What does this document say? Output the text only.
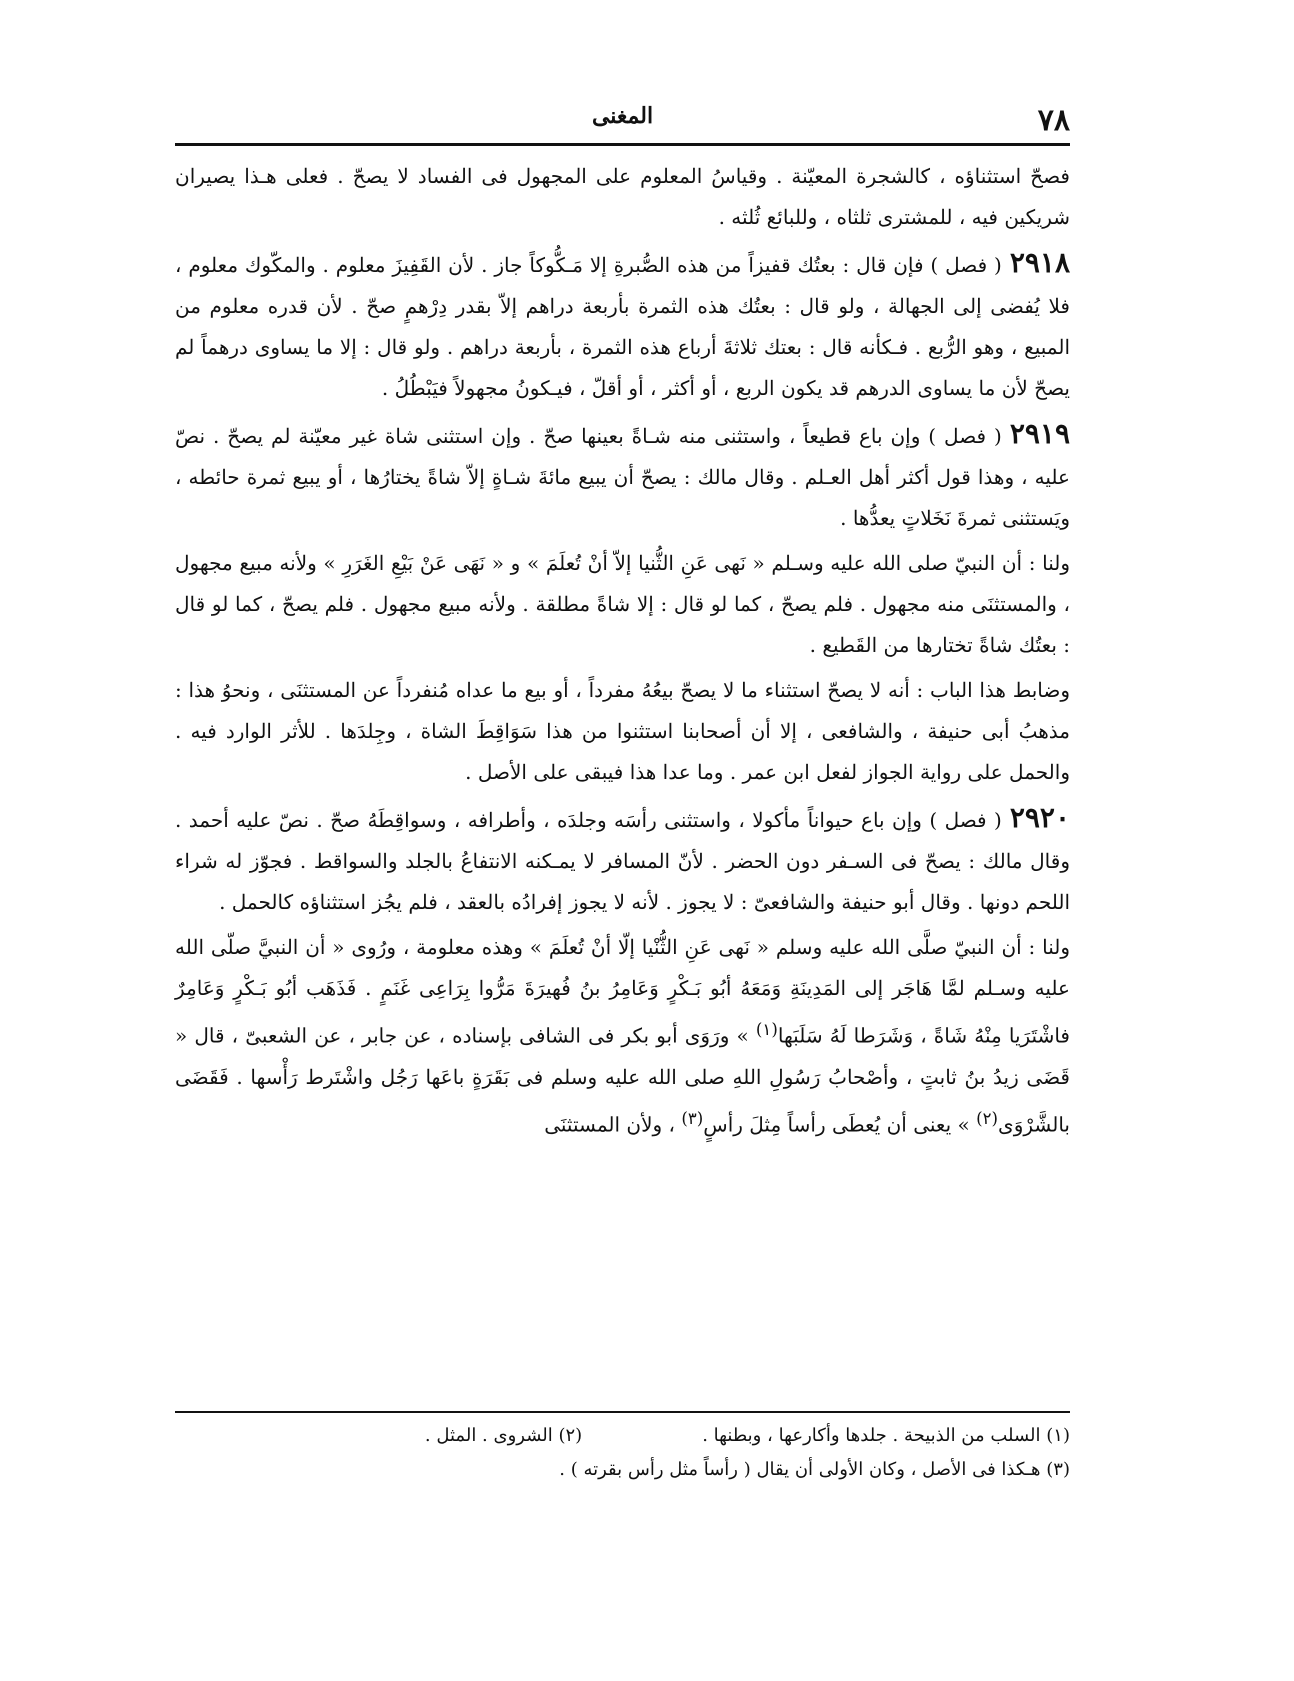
٧٨
المغنى

فصحّ استثناؤه ، كالشجرة المعيّنة . وقياسُ المعلوم على المجهول فى الفساد لا يصحّ . فعلى هـذا يصيران شريكين فيه ، للمشترى ثلثاه ، وللبائع ثُلثه .

٢٩١٨( فصل ) فإن قال : بعتُك قفيزاً من هذه الصُّبرةِ إلا مَـكُّوكاً جاز . لأن القَفِيزَ معلوم . والمكّوك معلوم ، فلا يُفضى إلى الجهالة ، ولو قال : بعتُك هذه الثمرة بأربعة دراهم إلاّ بقدر دِرْهمٍ صحّ . لأن قدره معلوم من المبيع ، وهو الرُّبع . فـكأنه قال : بعتك ثلاثةَ أرباع هذه الثمرة ، بأربعة دراهم . ولو قال : إلا ما يساوى درهماً لم يصحّ لأن ما يساوى الدرهم قد يكون الربع ، أو أكثر ، أو أقلّ ، فيـكونُ مجهولاً فيَبْطُلُ .

٢٩١٩( فصل ) وإن باع قطيعاً ، واستثنى منه شـاةً بعينها صحّ . وإن استثنى شاة غير معيّنة لم يصحّ . نصّ عليه ، وهذا قول أكثر أهل العـلم . وقال مالك : يصحّ أن يبيع مائةَ شـاةٍ إلاّ شاةً يختارُها ، أو يبيع ثمرة حائطه ، ويَستثنى ثمرةَ نَخَلاتٍ يعدُّها .

ولنا : أن النبيّ صلى الله عليه وسـلم « نَهى عَنِ الثُّنيا إلاّ أنْ تُعلَمَ » و « نَهَى عَنْ بَيْعِ الغَرَرِ » ولأنه مبيع مجهول ، والمستثنَى منه مجهول . فلم يصحّ ، كما لو قال : إلا شاةً مطلقة . ولأنه مبيع مجهول . فلم يصحّ ، كما لو قال : بعتُك شاةً تختارها من القَطيع .

وضابط هذا الباب : أنه لا يصحّ استثناء ما لا يصحّ بيعُهُ مفرداً ، أو بيع ما عداه مُنفرداً عن المستثنَى ، ونحوُ هذا : مذهبُ أبى حنيفة ، والشافعى ، إلا أن أصحابنا استثنوا من هذا سَوَاقِطَ الشاة ، وجِلدَها . للأثر الوارد فيه . والحمل على رواية الجواز لفعل ابن عمر . وما عدا هذا فيبقى على الأصل .

٢٩٢٠( فصل ) وإن باع حيواناً مأكولا ، واستثنى رأسَه وجلدَه ، وأطرافه ، وسواقِطَهُ صحّ . نصّ عليه أحمد . وقال مالك : يصحّ فى السـفر دون الحضر . لأنّ المسافر لا يمـكنه الانتفاعُ بالجلد والسواقط . فجوّز له شراء اللحم دونها . وقال أبو حنيفة والشافعىّ : لا يجوز . لأنه لا يجوز إفرادُه بالعقد ، فلم يجُز استثناؤه كالحمل .

ولنا : أن النبيّ صلَّى الله عليه وسلم « نَهى عَنِ الثُّنْيا إلّا أنْ تُعلَمَ » وهذه معلومة ، ورُوى « أن النبيَّ صلّى الله عليه وسـلم لمَّا هَاجَر إلى المَدِينَةِ وَمَعَهُ أبُو بَـكْرٍ وَعَامِرُ بنُ فُهيرَةَ مَرُّوا بِرَاعِى غَنَمٍ . فَذَهَب أبُو بَـكْرٍ وَعَامِرٌ فاشْتَرَيا مِنْهُ شَاةً ، وَشَرَطا لَهُ سَلَبَها$^{(١)}$ » ورَوَى أبو بكر فى الشافى بإسناده ، عن جابر ، عن الشعبىّ ، قال « قَضَى زيدُ بنُ ثابتٍ ، وأصْحابُ رَسُولِ اللهِ صلى الله عليه وسلم فى بَقَرَةٍ باعَها رَجُل واشْتَرط رَأْسها . فَقَضَى بالشَّرْوَى$^{(٢)}$ » يعنى أن يُعطَى رأساً مِثلَ رأسٍ$^{(٣)}$ ، ولأن المستثنَى

(١) السلب من الذبيحة . جلدها وأكارعها ، وبطنها .
(٢) الشروى . المثل .
(٣) هـكذا فى الأصل ، وكان الأولى أن يقال ( رأساً مثل رأس بقرته ) .
